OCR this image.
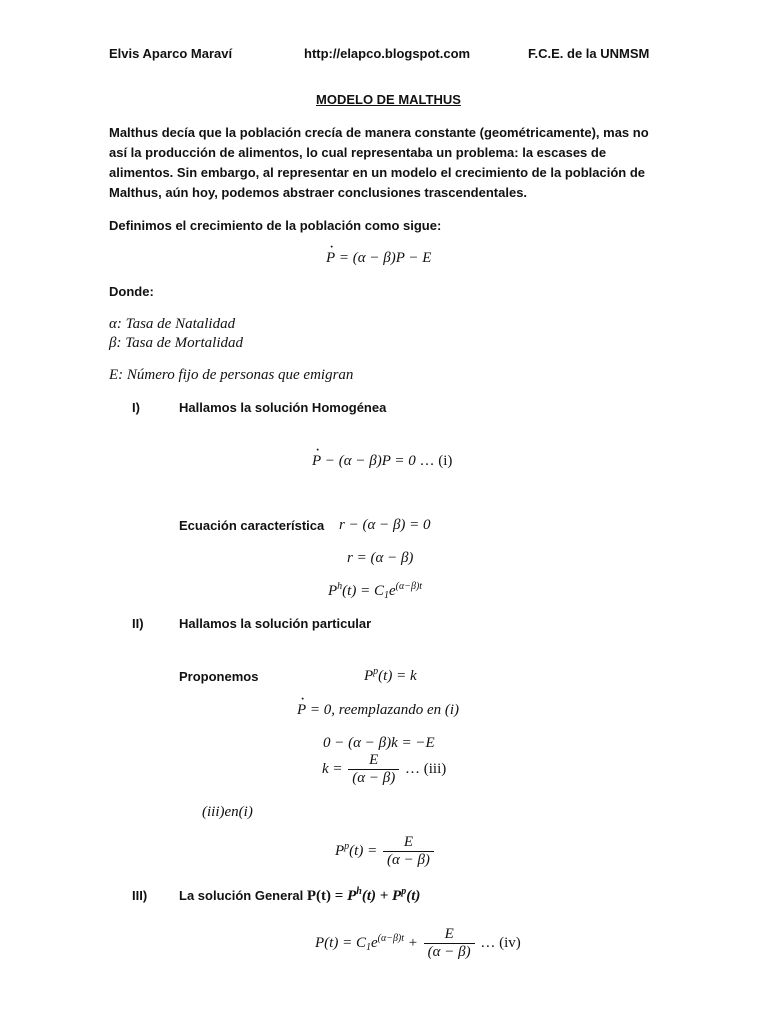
Elvis Aparco Maraví	http://elapco.blogspot.com	F.C.E. de la UNMSM
MODELO DE MALTHUS
Malthus decía que la población crecía de manera constante (geométricamente), mas no así la producción de alimentos, lo cual representaba un problema: la escases de alimentos. Sin embargo, al representar en un modelo el crecimiento de la población de Malthus, aún hoy, podemos abstraer conclusiones trascendentales.
Definimos el crecimiento de la población como sigue:
· P = (α − β)P − E
Donde:
α: Tasa de Natalidad
β: Tasa de Mortalidad
E: Número fijo de personas que emigran
I)	Hallamos la solución Homogénea
· P − (α − β)P = 0 … (i)
Ecuación característica r − (α − β) = 0
r = (α − β)
$P^h(t) = C_1e^{(\alpha-\beta)t}$
II)	Hallamos la solución particular
Proponemos	$P^p(t) = k$
· P = 0, reemplazando en (i)
0 − (α − β)k = −E
$k = \frac{E}{(\alpha - \beta)}$ … (iii)
(iii)en(i)
$P^p(t) = \frac{E}{(\alpha - \beta)}$
III) La solución General $P(t) = P^h(t) + P^p(t)$
$P(t) = C_1e^{(\alpha-\beta)t} + \frac{E}{(\alpha - \beta)}$ … (iv)
